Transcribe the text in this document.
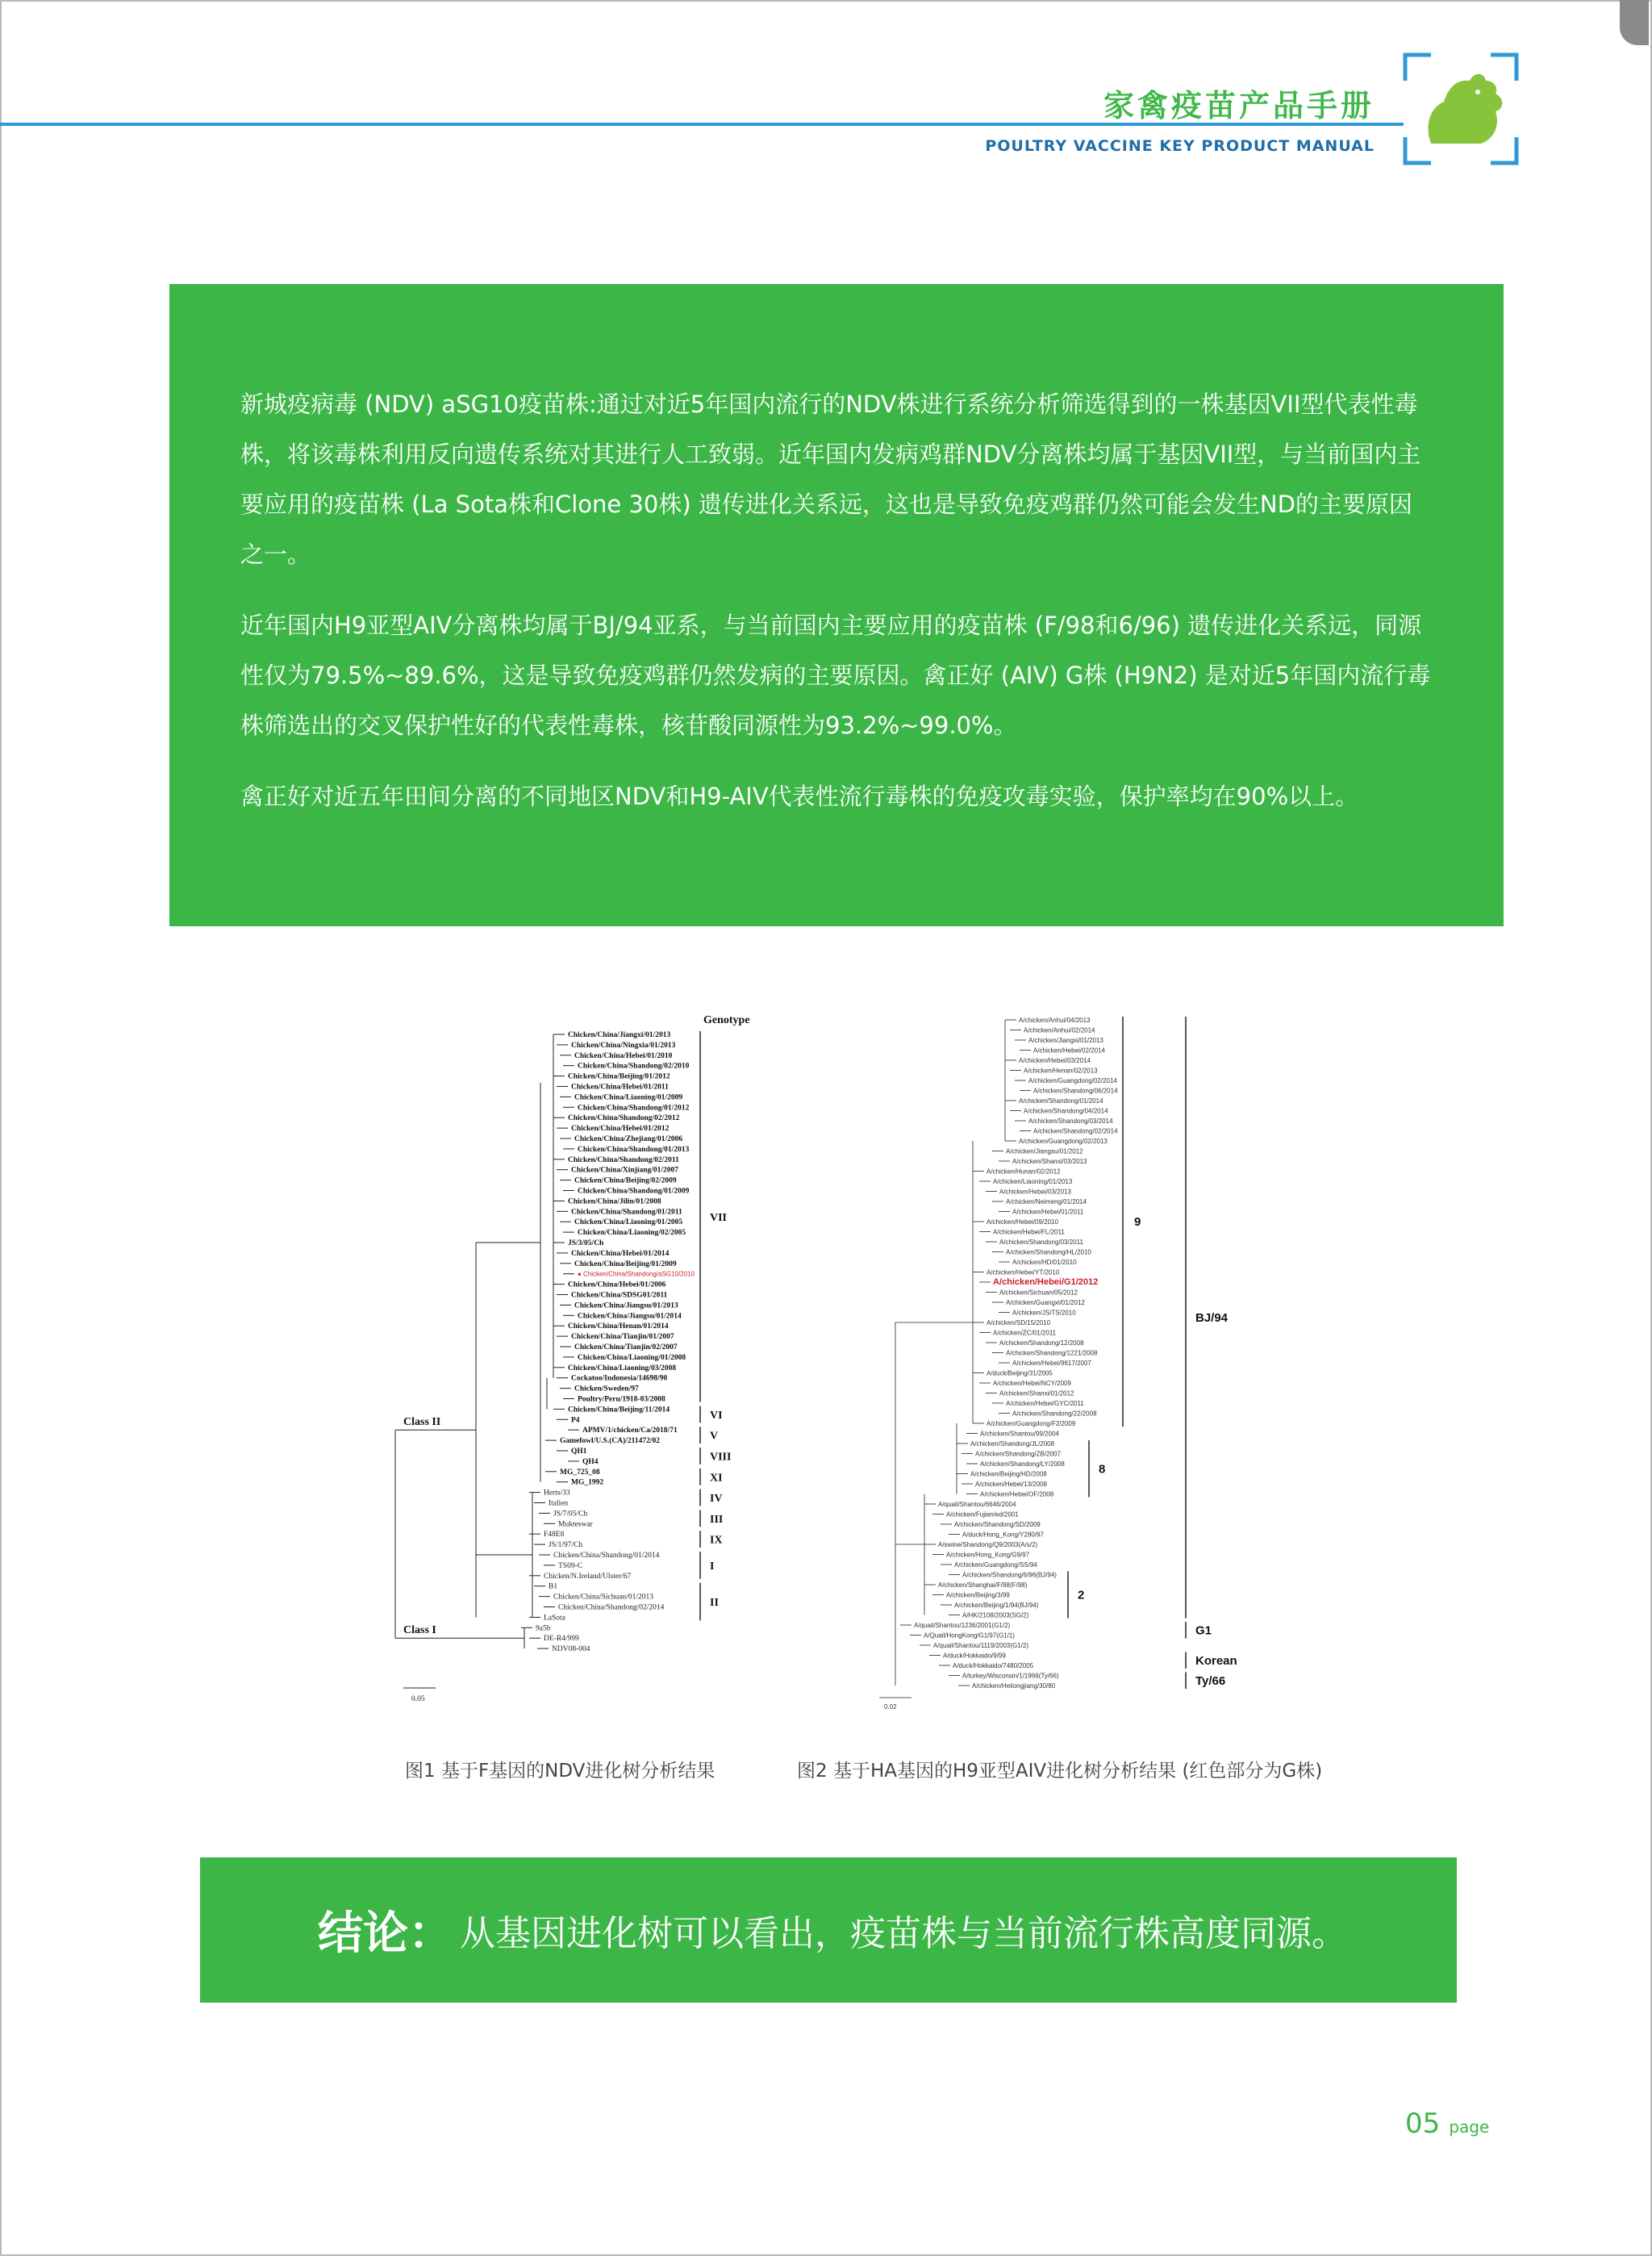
家禽疫苗产品手册
POULTRY VACCINE KEY PRODUCT MANUAL

新城疫病毒 (NDV) aSG10疫苗株:通过对近5年国内流行的NDV株进行系统分析筛选得到的一株基因VII型代表性毒株，将该毒株利用反向遗传系统对其进行人工致弱。近年国内发病鸡群NDV分离株均属于基因VII型，与当前国内主要应用的疫苗株 (La Sota株和Clone 30株) 遗传进化关系远，这也是导致免疫鸡群仍然可能会发生ND的主要原因之一。

近年国内H9亚型AIV分离株均属于BJ/94亚系，与当前国内主要应用的疫苗株 (F/98和6/96) 遗传进化关系远，同源性仅为79.5%~89.6%，这是导致免疫鸡群仍然发病的主要原因。禽正好 (AIV) G株 (H9N2) 是对近5年国内流行毒株筛选出的交叉保护性好的代表性毒株，核苷酸同源性为93.2%~99.0%。

禽正好对近五年田间分离的不同地区NDV和H9-AIV代表性流行毒株的免疫攻毒实验，保护率均在90%以上。

Chicken/China/Jiangxi/01/2013
Chicken/China/Ningxia/01/2013
Chicken/China/Hebei/01/2010
Chicken/China/Shandong/02/2010
Chicken/China/Beijing/01/2012
Chicken/China/Hebei/01/2011
Chicken/China/Liaoning/01/2009
Chicken/China/Shandong/01/2012
Chicken/China/Shandong/02/2012
Chicken/China/Hebei/01/2012
Chicken/China/Zhejiang/01/2006
Chicken/China/Shandong/01/2013
Chicken/China/Shandong/02/2011
Chicken/China/Xinjiang/01/2007
Chicken/China/Beijing/02/2009
Chicken/China/Shandong/01/2009
Chicken/China/Jilin/01/2008
Chicken/China/Shandong/01/2011
Chicken/China/Liaoning/01/2005
Chicken/China/Liaoning/02/2005
JS/3/05/Ch
Chicken/China/Hebei/01/2014
Chicken/China/Beijing/01/2009
● Chicken/China/Shandong/aSG10/2010
Chicken/China/Hebei/01/2006
Chicken/China/SDSG01/2011
Chicken/China/Jiangsu/01/2013
Chicken/China/Jiangsu/01/2014
Chicken/China/Henan/01/2014
Chicken/China/Tianjin/01/2007
Chicken/China/Tianjin/02/2007
Chicken/China/Liaoning/01/2008
Chicken/China/Liaoning/03/2008
Cockatoo/Indonesia/14698/90
Chicken/Sweden/97
Poultry/Peru/1918-03/2008
Chicken/China/Beijing/11/2014
P4
APMV/1/chicken/Ca/2018/71
Gamefowl/U.S.(CA)/211472/02
QH1
QH4
MG_725_08
MG_1992
Herts/33
Italien
JS/7/05/Ch
Mukteswar
F48E8
JS/1/97/Ch
Chicken/China/Shandong/01/2014
TS09-C
Chicken/N.Ireland/Ulster/67
B1
Chicken/China/Sichuan/01/2013
Chicken/China/Shandong/02/2014
LaSota
9a5b
DE-R4/999
NDV08-004
Class II
Class I
Genotype
VII
VI
V
VIII
XI
IV
III
IX
I
II
0.05
A/chicken/Anhui/04/2013
A/chicken/Anhui/02/2014
A/chicken/Jiangxi/01/2013
A/chicken/Hebei/02/2014
A/chicken/Hebei/03/2014
A/chicken/Henan/02/2013
A/chicken/Guangdong/02/2014
A/chicken/Shandong/06/2014
A/chicken/Shandong/01/2014
A/chicken/Shandong/04/2014
A/chicken/Shandong/03/2014
A/chicken/Shandong/02/2014
A/chicken/Guangdong/02/2013
A/chicken/Jiangsu/01/2012
A/chicken/Shanxi/03/2013
A/chicken/Hunan/02/2012
A/chicken/Liaoning/01/2013
A/chicken/Hebei/03/2013
A/chicken/Neimeng/01/2014
A/chicken/Hebei/01/2011
A/chicken/Hebei/09/2010
A/chicken/Hebei/FL/2011
A/chicken/Shandong/03/2011
A/chicken/Shandong/HL/2010
A/chicken/HD/01/2010
A/chicken/Hebei/YT/2010
A/chicken/Hebei/G1/2012
A/chicken/Sichuan/05/2012
A/chicken/Guangxi/01/2012
A/chicken/JS/TS/2010
A/chicken/SD/15/2010
A/chicken/ZC/01/2011
A/chicken/Shandong/12/2008
A/chicken/Shandong/1221/2008
A/chicken/Hebei/9617/2007
A/duck/Beijing/31/2005
A/chicken/Hebei/NCY/2009
A/chicken/Shanxi/01/2012
A/chicken/Hebei/GYC/2011
A/chicken/Shandong/22/2008
A/chicken/Guangdong/F2/2009
A/chicken/Shantou/99/2004
A/chicken/Shandong/JL/2008
A/chicken/Shandong/ZB/2007
A/chicken/Shandong/LY/2008
A/chicken/Beijing/HD/2008
A/chicken/Hebei/13/2008
A/chicken/Hebei/OF/2008
A/quail/Shantou/6646/2004
A/chicken/Fujian/ed/2001
A/chicken/Shandong/SD/2009
A/duck/Hong_Kong/Y280/97
A/swine/Shandong/Q9/2003(A/s/2)
A/chicken/Hong_Kong/G9/97
A/chicken/Guangdong/SS/94
A/chicken/Shandong/6/96(BJ/94)
A/chicken/Shanghai/F/98(F/98)
A/chicken/Beijing/3/99
A/chicken/Beijing/1/94(BJ/94)
A/HK/2108/2003(SG/2)
A/quail/Shantou/1236/2001(G1/2)
A/Quail/HongKong/G1/97(G1/1)
A/quail/Shantou/1119/2003(G1/2)
A/duck/Hokkaido/9/99
A/duck/Hokkaido/7480/2005
A/turkey/Wisconsin/1/1966(Ty/66)
A/chicken/Heilongjiang/30/80
9
8
2
BJ/94
G1
Korean
Ty/66
0.02
图1 基于F基因的NDV进化树分析结果	图2 基于HA基因的H9亚型AIV进化树分析结果 (红色部分为G株)
结论： 从基因进化树可以看出，疫苗株与当前流行株高度同源。
05 page
